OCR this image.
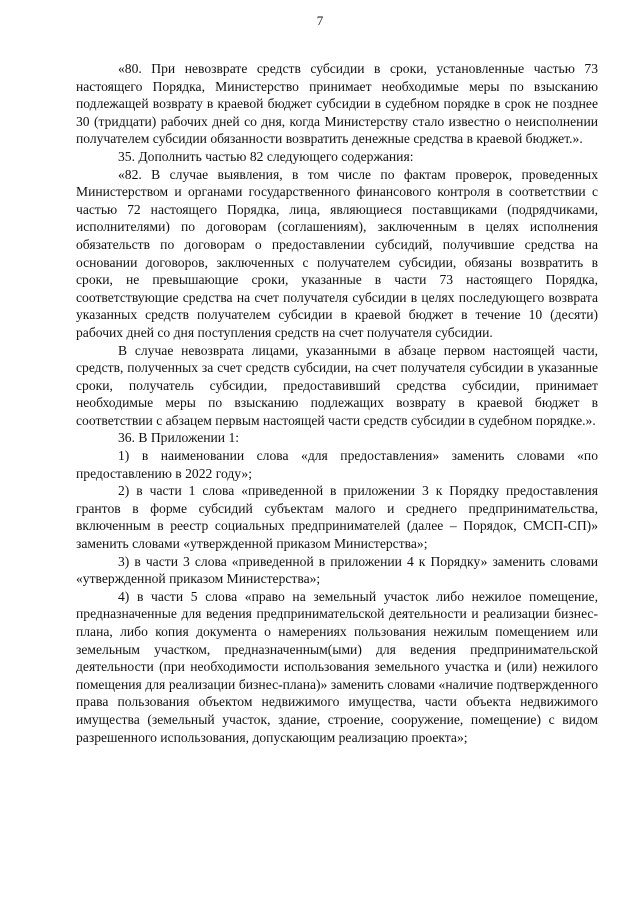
7

«80. При невозврате средств субсидии в сроки, установленные частью 73 настоящего Порядка, Министерство принимает необходимые меры по взысканию подлежащей возврату в краевой бюджет субсидии в судебном порядке в срок не позднее 30 (тридцати) рабочих дней со дня, когда Министерству стало известно о неисполнении получателем субсидии обязанности возвратить денежные средства в краевой бюджет.».

35. Дополнить частью 82 следующего содержания:

«82. В случае выявления, в том числе по фактам проверок, проведенных Министерством и органами государственного финансового контроля в соответствии с частью 72 настоящего Порядка, лица, являющиеся поставщиками (подрядчиками, исполнителями) по договорам (соглашениям), заключенным в целях исполнения обязательств по договорам о предоставлении субсидий, получившие средства на основании договоров, заключенных с получателем субсидии, обязаны возвратить в сроки, не превышающие сроки, указанные в части 73 настоящего Порядка, соответствующие средства на счет получателя субсидии в целях последующего возврата указанных средств получателем субсидии в краевой бюджет в течение 10 (десяти) рабочих дней со дня поступления средств на счет получателя субсидии.

В случае невозврата лицами, указанными в абзаце первом настоящей части, средств, полученных за счет средств субсидии, на счет получателя субсидии в указанные сроки, получатель субсидии, предоставивший средства субсидии, принимает необходимые меры по взысканию подлежащих возврату в краевой бюджет в соответствии с абзацем первым настоящей части средств субсидии в судебном порядке.».

36. В Приложении 1:

1) в наименовании слова «для предоставления» заменить словами «по предоставлению в 2022 году»;

2) в части 1 слова «приведенной в приложении 3 к Порядку предоставления грантов в форме субсидий субъектам малого и среднего предпринимательства, включенным в реестр социальных предпринимателей (далее – Порядок, СМСП-СП)» заменить словами «утвержденной приказом Министерства»;

3) в части 3 слова «приведенной в приложении 4 к Порядку» заменить словами «утвержденной приказом Министерства»;

4) в части 5 слова «право на земельный участок либо нежилое помещение, предназначенные для ведения предпринимательской деятельности и реализации бизнес-плана, либо копия документа о намерениях пользования нежилым помещением или земельным участком, предназначенным(ыми) для ведения предпринимательской деятельности (при необходимости использования земельного участка и (или) нежилого помещения для реализации бизнес-плана)» заменить словами «наличие подтвержденного права пользования объектом недвижимого имущества, части объекта недвижимого имущества (земельный участок, здание, строение, сооружение, помещение) с видом разрешенного использования, допускающим реализацию проекта»;
